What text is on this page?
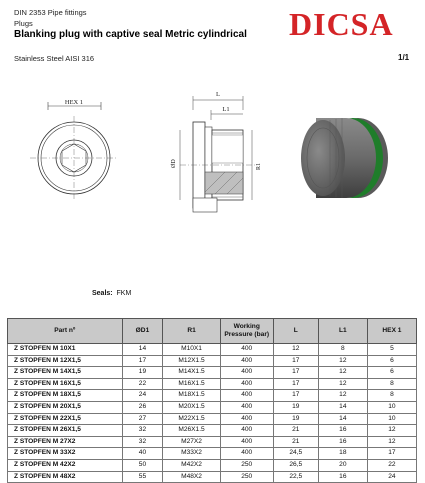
DIN 2353 Pipe fittings
Plugs
Blanking plug with captive seal Metric cylindrical DICSA
Stainless Steel AISI 316	1/1
HEX 1
L
L1
ØD	R1
Seals: FKM
Part nº	ØD1	R1	Working Pressure (bar)	L	L1	HEX 1
Z STOPFEN M 10X1	14	M10X1	400	12	8	5
Z STOPFEN M 12X1,5	17	M12X1.5	400	17	12	6
Z STOPFEN M 14X1,5	19	M14X1.5	400	17	12	6
Z STOPFEN M 16X1,5	22	M16X1.5	400	17	12	8
Z STOPFEN M 18X1,5	24	M18X1.5	400	17	12	8
Z STOPFEN M 20X1,5	26	M20X1.5	400	19	14	10
Z STOPFEN M 22X1,5	27	M22X1.5	400	19	14	10
Z STOPFEN M 26X1,5	32	M26X1.5	400	21	16	12
Z STOPFEN M 27X2	32	M27X2	400	21	16	12
Z STOPFEN M 33X2	40	M33X2	400	24,5	18	17
Z STOPFEN M 42X2	50	M42X2	250	26,5	20	22
Z STOPFEN M 48X2	55	M48X2	250	22,5	16	24
